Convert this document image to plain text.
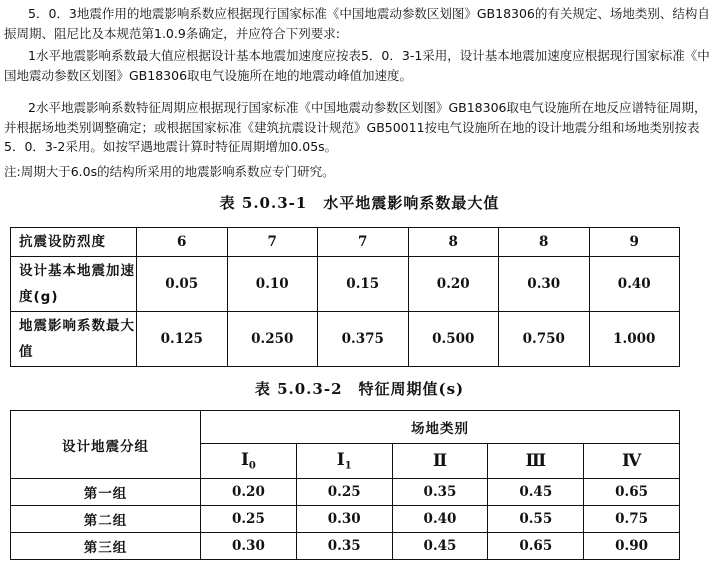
5．0．3地震作用的地震影响系数应根据现行国家标准《中国地震动参数区划图》GB18306的有关规定、场地类别、结构自振周期、阻尼比及本规范第1.0.9条确定，并应符合下列要求:

1水平地震影响系数最大值应根据设计基本地震加速度应按表5．0．3-1采用，设计基本地震加速度应根据现行国家标准《中国地震动参数区划图》GB18306取电气设施所在地的地震动峰值加速度。

2水平地震影响系数特征周期应根据现行国家标准《中国地震动参数区划图》GB18306取电气设施所在地反应谱特征周期，并根据场地类别调整确定；或根据国家标准《建筑抗震设计规范》GB50011按电气设施所在地的设计地震分组和场地类别按表5．0．3-2采用。如按罕遇地震计算时特征周期增加0.05s。

注:周期大于6.0s的结构所采用的地震影响系数应专门研究。

表 5.0.3-1　水平地震影响系数最大值
抗震设防烈度	6	7	7	8	8	9
设计基本地震加速度(g)	0.05	0.10	0.15	0.20	0.30	0.40
地震影响系数最大值	0.125	0.250	0.375	0.500	0.750	1.000
表 5.0.3-2　特征周期值(s)
设计地震分组	场地类别				
	$I_0$	$I_1$	Ⅱ	Ⅲ	Ⅳ
第一组	0.20	0.25	0.35	0.45	0.65
第二组	0.25	0.30	0.40	0.55	0.75
第三组	0.30	0.35	0.45	0.65	0.90
